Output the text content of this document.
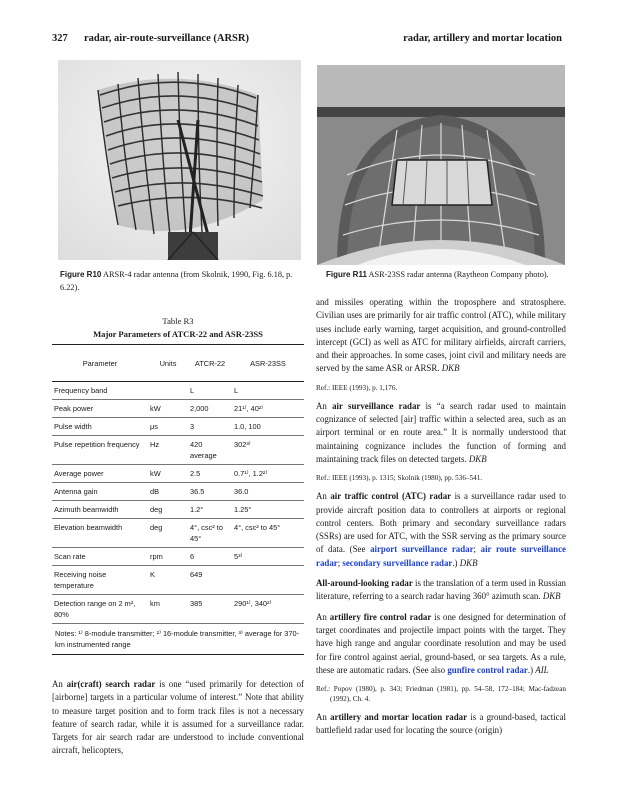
327 radar, air-route-surveillance (ARSR)	radar, artillery and mortar location
Figure R10 ARSR-4 radar antenna (from Skolnik, 1990, Fig. 6.18, p. 6.22).
Figure R11 ASR-23SS radar antenna (Raytheon Company photo).
Table R3
Major Parameters of ATCR-22 and ASR-23SS
Parameter	Units	ATCR-22	ASR-23SS
Frequency band		L	L
Peak power	kW	2,000	21¹⁾, 40²⁾
Pulse width	μs	3	1.0, 100
Pulse repetition frequency	Hz	420 average	302³⁾
Average power	kW	2.5	0.7¹⁾, 1.2²⁾
Antenna gain	dB	36.5	36.0
Azimuth beamwidth	deg	1.2°	1.25°
Elevation beamwidth	deg	4°, csc² to 45°	4°, csc² to 45°
Scan rate	rpm	6	5³⁾
Receiving noise temperature	K	649	
Detection range on 2 m², 80%	km	385	290¹⁾, 340²⁾
Notes: ¹⁾ 8-module transmitter; ²⁾ 16-module transmitter, ³⁾ average for 370-km instrumented range			

An air(craft) search radar is one “used primarily for detection of [airborne] targets in a particular volume of interest.” Note that ability to measure target position and to form track files is not a necessary feature of search radar, while it is assumed for a surveillance radar. Targets for air search radar are understood to include conventional aircraft, helicopters,

and missiles operating within the troposphere and stratosphere. Civilian uses are primarily for air traffic control (ATC), while military uses include early warning, target acquisition, and ground-controlled intercept (GCI) as well as ATC for military airfields, aircraft carriers, and their approaches. In some cases, joint civil and military needs are served by the same ASR or ARSR. DKB

Ref.: IEEE (1993), p. 1,176.

An air surveillance radar is “a search radar used to maintain cognizance of selected [air] traffic within a selected area, such as an airport terminal or en route area.” It is normally understood that maintaining cognizance includes the function of forming and maintaining track files on detected targets. DKB

Ref.: IEEE (1993), p. 1315; Skolnik (1980), pp. 536–541.

An air traffic control (ATC) radar is a surveillance radar used to provide aircraft position data to controllers at airports or regional control centers. Both primary and secondary surveillance radars (SSRs) are used for ATC, with the SSR serving as the primary source of data. (See airport surveillance radar; air route surveillance radar; secondary surveillance radar.) DKB

All-around-looking radar is the translation of a term used in Russian literature, referring to a search radar having 360° azimuth scan. DKB

An artillery fire control radar is one designed for determination of target coordinates and projectile impact points with the target. They have high range and angular coordinate resolution and may be used for fire control against aerial, ground-based, or sea targets. As a rule, these are automatic radars. (See also gunfire control radar.) AIL

Ref.: Popov (1980), p. 343; Friedman (1981), pp. 54–58, 172–184; Mac-fadzean (1992), Ch. 4.

An artillery and mortar location radar is a ground-based, tactical battlefield radar used for locating the source (origin)
